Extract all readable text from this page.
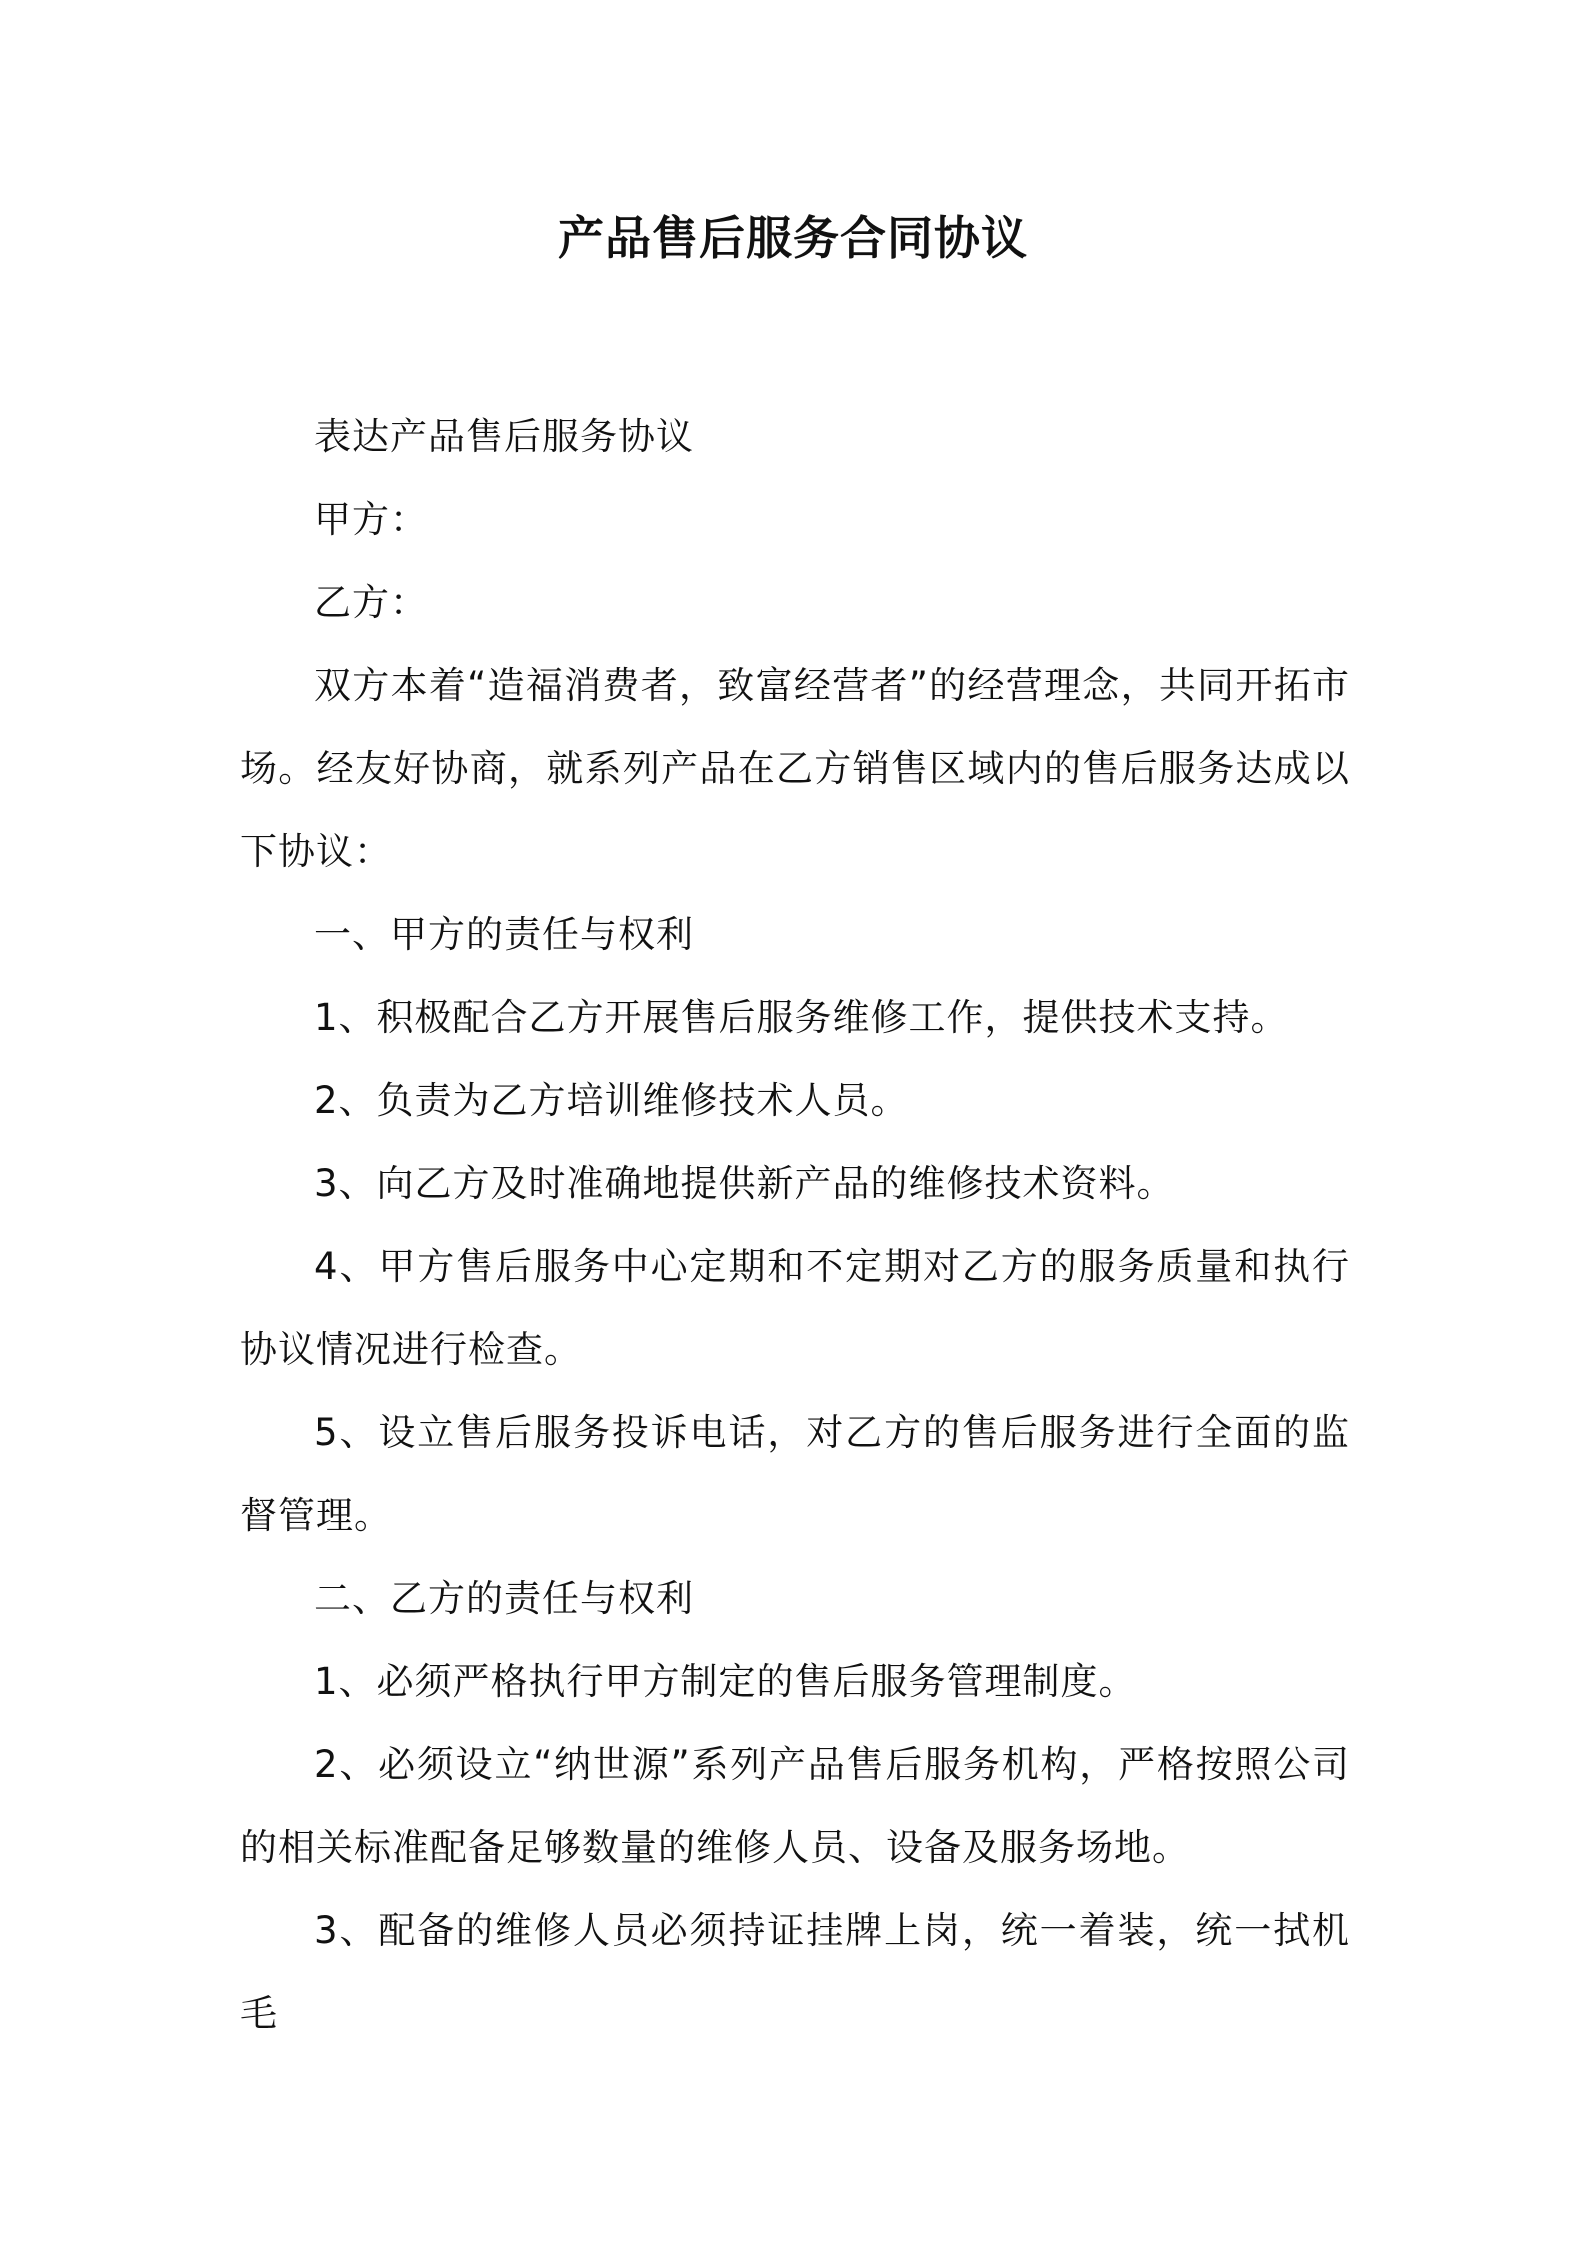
产品售后服务合同协议

表达产品售后服务协议

甲方：

乙方：

双方本着“造福消费者，致富经营者”的经营理念，共同开拓市场。经友好协商，就系列产品在乙方销售区域内的售后服务达成以下协议：

一、甲方的责任与权利

1、积极配合乙方开展售后服务维修工作，提供技术支持。

2、负责为乙方培训维修技术人员。

3、向乙方及时准确地提供新产品的维修技术资料。

4、甲方售后服务中心定期和不定期对乙方的服务质量和执行协议情况进行检查。

5、设立售后服务投诉电话，对乙方的售后服务进行全面的监督管理。

二、乙方的责任与权利

1、必须严格执行甲方制定的售后服务管理制度。

2、必须设立“纳世源”系列产品售后服务机构，严格按照公司的相关标准配备足够数量的维修人员、设备及服务场地。

3、配备的维修人员必须持证挂牌上岗，统一着装，统一拭机毛
